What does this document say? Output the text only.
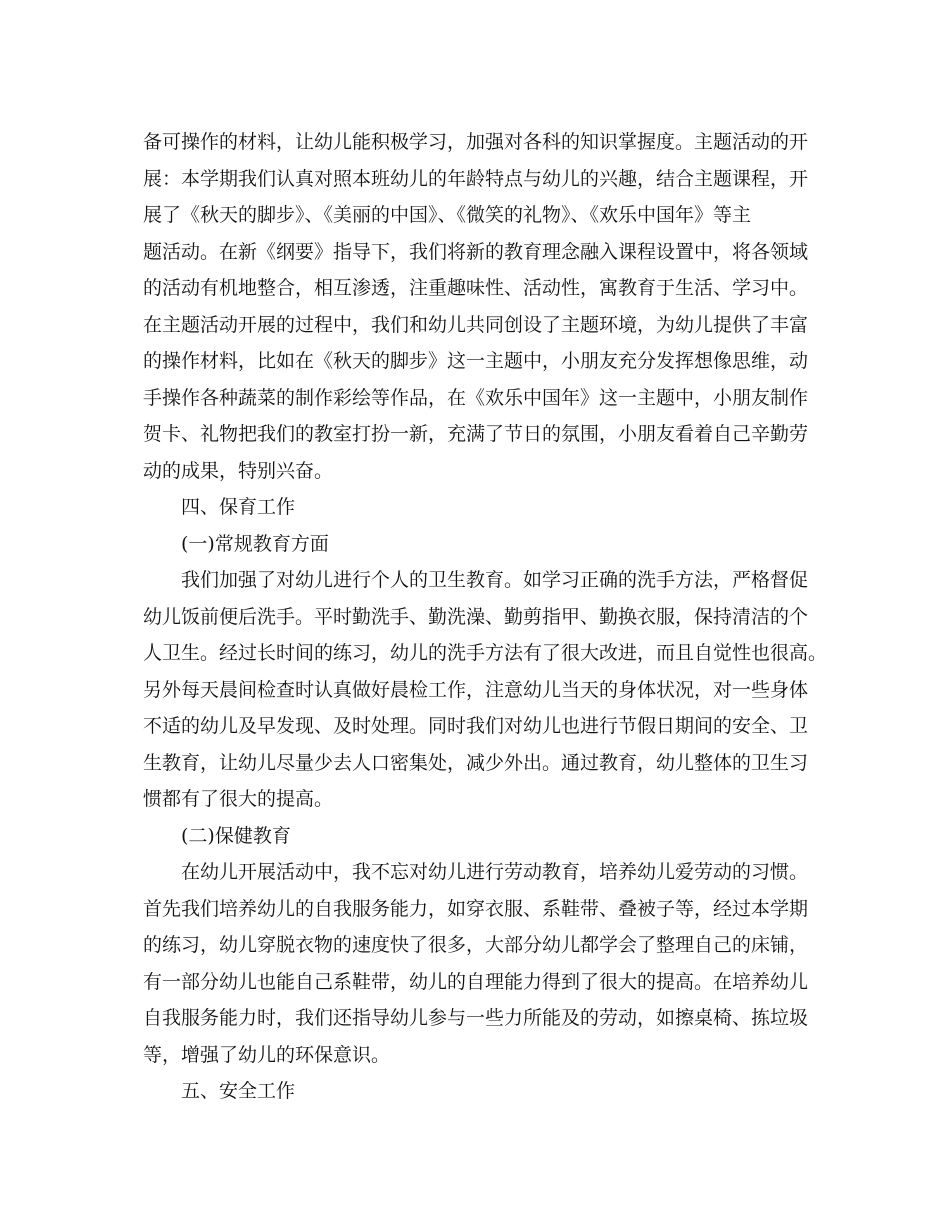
备可操作的材料，让幼儿能积极学习，加强对各科的知识掌握度。主题活动的开
展：本学期我们认真对照本班幼儿的年龄特点与幼儿的兴趣，结合主题课程，开
展了《秋天的脚步》、《美丽的中国》、《微笑的礼物》、《欢乐中国年》等主
题活动。在新《纲要》指导下，我们将新的教育理念融入课程设置中，将各领域
的活动有机地整合，相互渗透，注重趣味性、活动性，寓教育于生活、学习中。
在主题活动开展的过程中，我们和幼儿共同创设了主题环境，为幼儿提供了丰富
的操作材料，比如在《秋天的脚步》这一主题中，小朋友充分发挥想像思维，动
手操作各种蔬菜的制作彩绘等作品，在《欢乐中国年》这一主题中，小朋友制作
贺卡、礼物把我们的教室打扮一新，充满了节日的氛围，小朋友看着自己辛勤劳
动的成果，特别兴奋。
四、保育工作
(一)常规教育方面
我们加强了对幼儿进行个人的卫生教育。如学习正确的洗手方法，严格督促
幼儿饭前便后洗手。平时勤洗手、勤洗澡、勤剪指甲、勤换衣服，保持清洁的个
人卫生。经过长时间的练习，幼儿的洗手方法有了很大改进，而且自觉性也很高。
另外每天晨间检查时认真做好晨检工作，注意幼儿当天的身体状况，对一些身体
不适的幼儿及早发现、及时处理。同时我们对幼儿也进行节假日期间的安全、卫
生教育，让幼儿尽量少去人口密集处，减少外出。通过教育，幼儿整体的卫生习
惯都有了很大的提高。
(二)保健教育
在幼儿开展活动中，我不忘对幼儿进行劳动教育，培养幼儿爱劳动的习惯。
首先我们培养幼儿的自我服务能力，如穿衣服、系鞋带、叠被子等，经过本学期
的练习，幼儿穿脱衣物的速度快了很多，大部分幼儿都学会了整理自己的床铺，
有一部分幼儿也能自己系鞋带，幼儿的自理能力得到了很大的提高。在培养幼儿
自我服务能力时，我们还指导幼儿参与一些力所能及的劳动，如擦桌椅、拣垃圾
等，增强了幼儿的环保意识。
五、安全工作
